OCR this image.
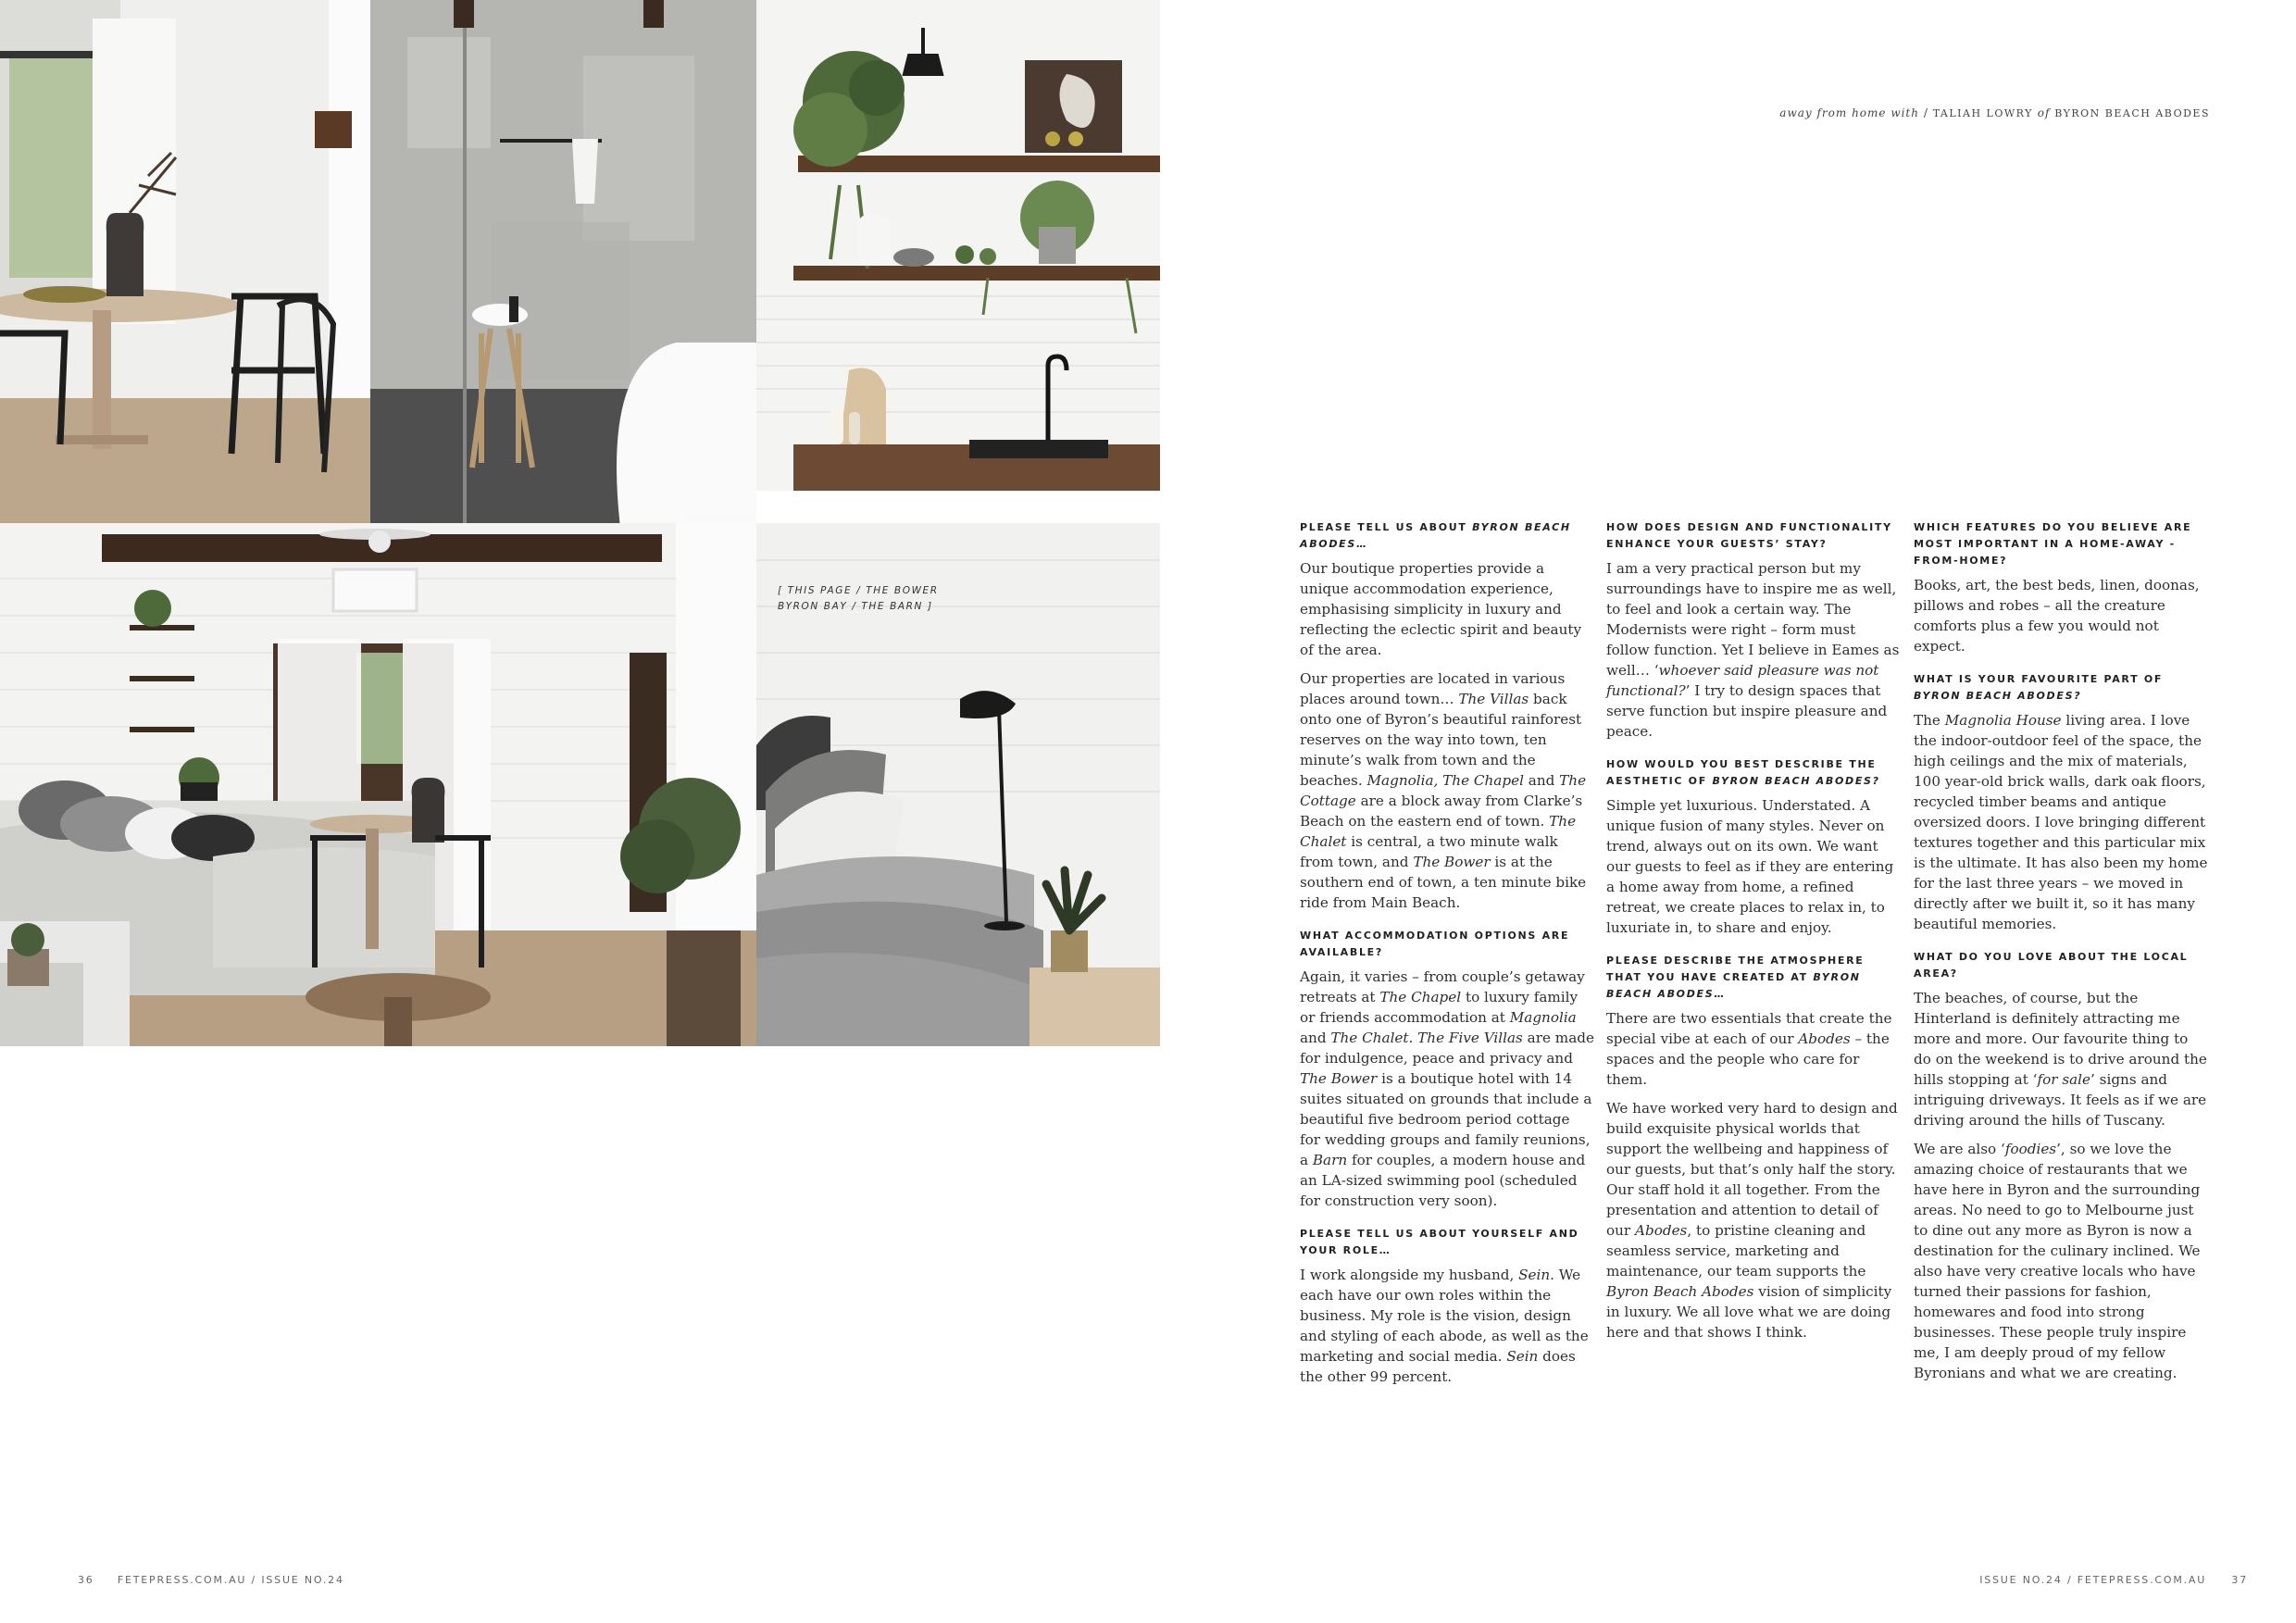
[ THIS PAGE / THE BOWER
BYRON BAY / THE BARN ]
away from home with / TALIAH LOWRY of BYRON BEACH ABODES
PLEASE TELL US ABOUT BYRON BEACH ABODES…

Our boutique properties provide a unique accommodation experience, emphasising simplicity in luxury and reflecting the eclectic spirit and beauty of the area.

Our properties are located in various places around town… The Villas back onto one of Byron’s beautiful rainforest reserves on the way into town, ten minute’s walk from town and the beaches. Magnolia, The Chapel and The Cottage are a block away from Clarke’s Beach on the eastern end of town. The Chalet is central, a two minute walk from town, and The Bower is at the southern end of town, a ten minute bike ride from Main Beach.

WHAT ACCOMMODATION OPTIONS ARE AVAILABLE?

Again, it varies – from couple’s getaway retreats at The Chapel to luxury family or friends accommodation at Magnolia and The Chalet. The Five Villas are made for indulgence, peace and privacy and The Bower is a boutique hotel with 14 suites situated on grounds that include a beautiful five bedroom period cottage for wedding groups and family reunions, a Barn for couples, a modern house and an LA-sized swimming pool (scheduled for construction very soon).

PLEASE TELL US ABOUT YOURSELF AND YOUR ROLE…

I work alongside my husband, Sein. We each have our own roles within the business. My role is the vision, design and styling of each abode, as well as the marketing and social media. Sein does the other 99 percent.

HOW DOES DESIGN AND FUNCTIONALITY ENHANCE YOUR GUESTS’ STAY?

I am a very practical person but my surroundings have to inspire me as well, to feel and look a certain way. The Modernists were right – form must follow function. Yet I believe in Eames as well… ‘whoever said pleasure was not functional?’ I try to design spaces that serve function but inspire pleasure and peace.

HOW WOULD YOU BEST DESCRIBE THE AESTHETIC OF BYRON BEACH ABODES?

Simple yet luxurious. Understated. A unique fusion of many styles. Never on trend, always out on its own. We want our guests to feel as if they are entering a home away from home, a refined retreat, we create places to relax in, to luxuriate in, to share and enjoy.

PLEASE DESCRIBE THE ATMOSPHERE THAT YOU HAVE CREATED AT BYRON BEACH ABODES…

There are two essentials that create the special vibe at each of our Abodes – the spaces and the people who care for them.

We have worked very hard to design and build exquisite physical worlds that support the wellbeing and happiness of our guests, but that’s only half the story. Our staff hold it all together. From the presentation and attention to detail of our Abodes, to pristine cleaning and seamless service, marketing and maintenance, our team supports the Byron Beach Abodes vision of simplicity in luxury. We all love what we are doing here and that shows I think.

WHICH FEATURES DO YOU BELIEVE ARE MOST IMPORTANT IN A HOME-AWAY -FROM-HOME?

Books, art, the best beds, linen, doonas, pillows and robes – all the creature comforts plus a few you would not expect.

WHAT IS YOUR FAVOURITE PART OF BYRON BEACH ABODES?

The Magnolia House living area. I love the indoor-outdoor feel of the space, the high ceilings and the mix of materials, 100 year-old brick walls, dark oak floors, recycled timber beams and antique oversized doors. I love bringing different textures together and this particular mix is the ultimate. It has also been my home for the last three years – we moved in directly after we built it, so it has many beautiful memories.

WHAT DO YOU LOVE ABOUT THE LOCAL AREA?

The beaches, of course, but the Hinterland is definitely attracting me more and more. Our favourite thing to do on the weekend is to drive around the hills stopping at ‘for sale’ signs and intriguing driveways. It feels as if we are driving around the hills of Tuscany.

We are also ‘foodies’, so we love the amazing choice of restaurants that we have here in Byron and the surrounding areas. No need to go to Melbourne just to dine out any more as Byron is now a destination for the culinary inclined. We also have very creative locals who have turned their passions for fashion, homewares and food into strong businesses. These people truly inspire me, I am deeply proud of my fellow Byronians and what we are creating.

36 FETEPRESS.COM.AU / ISSUE NO.24	ISSUE NO.24 / FETEPRESS.COM.AU 37
